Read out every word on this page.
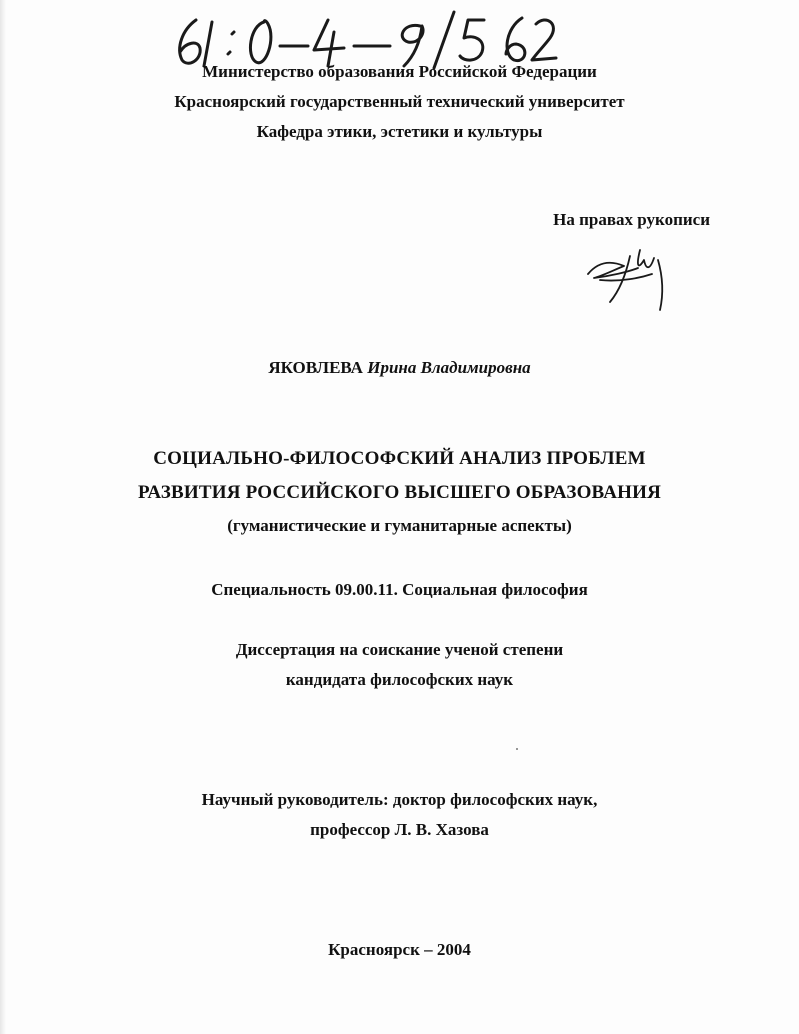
Министерство образования Российской Федерации
Красноярский государственный технический университет
Кафедра этики, эстетики и культуры
На правах рукописи
ЯКОВЛЕВА Ирина Владимировна
СОЦИАЛЬНО-ФИЛОСОФСКИЙ АНАЛИЗ ПРОБЛЕМ
РАЗВИТИЯ РОССИЙСКОГО ВЫСШЕГО ОБРАЗОВАНИЯ
(гуманистические и гуманитарные аспекты)
Специальность 09.00.11. Социальная философия
Диссертация на соискание ученой степени
кандидата философских наук
Научный руководитель: доктор философских наук,
профессор Л. В. Хазова
Красноярск – 2004
